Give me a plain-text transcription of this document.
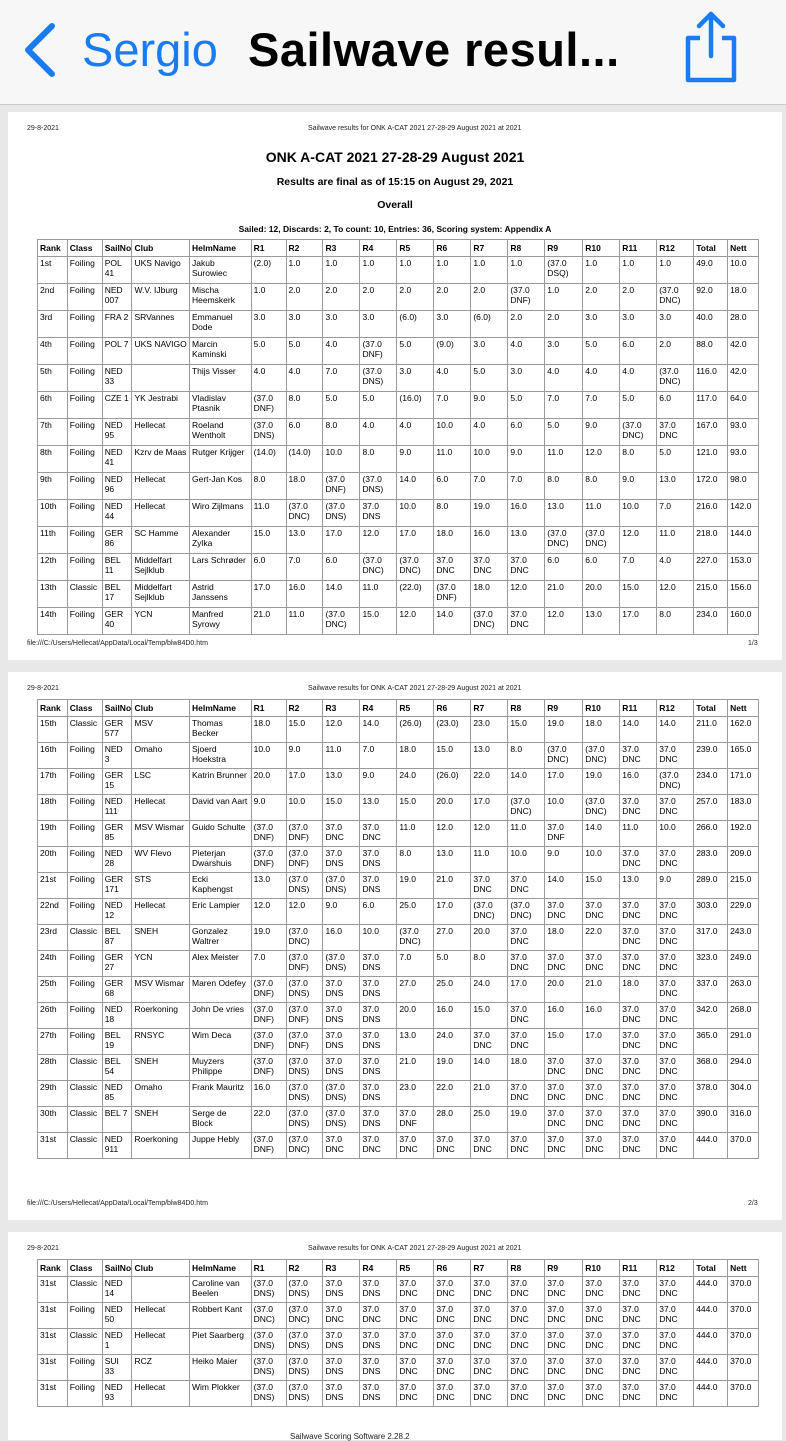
Sergio Sailwave resul...
29-8-2021	Sailwave results for ONK A-CAT 2021 27-28-29 August 2021 at 2021
ONK A-CAT 2021 27-28-29 August 2021
Results are final as of 15:15 on August 29, 2021
Overall
Sailed: 12, Discards: 2, To count: 10, Entries: 36, Scoring system: Appendix A
Rank	Class	SailNo	Club	HelmName	R1	R2	R3	R4	R5	R6	R7	R8	R9	R10	R11	R12	Total	Nett
1st	Foiling	POL 41	UKS Navigo	Jakub Surowiec	(2.0)	1.0	1.0	1.0	1.0	1.0	1.0	1.0	(37.0 DSQ)	1.0	1.0	1.0	49.0	10.0
2nd	Foiling	NED 007	W.V. IJburg	Mischa Heemskerk	1.0	2.0	2.0	2.0	2.0	2.0	2.0	(37.0 DNF)	1.0	2.0	2.0	(37.0 DNC)	92.0	18.0
3rd	Foiling	FRA 2	SRVannes	Emmanuel Dode	3.0	3.0	3.0	3.0	(6.0)	3.0	(6.0)	2.0	2.0	3.0	3.0	3.0	40.0	28.0
4th	Foiling	POL 7	UKS NAVIGO	Marcin Kaminski	5.0	5.0	4.0	(37.0 DNF)	5.0	(9.0)	3.0	4.0	3.0	5.0	6.0	2.0	88.0	42.0
5th	Foiling	NED 33		Thijs Visser	4.0	4.0	7.0	(37.0 DNS)	3.0	4.0	5.0	3.0	4.0	4.0	4.0	(37.0 DNC)	116.0	42.0
6th	Foiling	CZE 1	YK Jestrabi	Vladislav Ptasnik	(37.0 DNF)	8.0	5.0	5.0	(16.0)	7.0	9.0	5.0	7.0	7.0	5.0	6.0	117.0	64.0
7th	Foiling	NED 95	Hellecat	Roeland Wentholt	(37.0 DNS)	6.0	8.0	4.0	4.0	10.0	4.0	6.0	5.0	9.0	(37.0 DNC)	37.0 DNC	167.0	93.0
8th	Foiling	NED 41	Kzrv de Maas	Rutger Krijger	(14.0)	(14.0)	10.0	8.0	9.0	11.0	10.0	9.0	11.0	12.0	8.0	5.0	121.0	93.0
9th	Foiling	NED 96	Hellecat	Gert-Jan Kos	8.0	18.0	(37.0 DNF)	(37.0 DNS)	14.0	6.0	7.0	7.0	8.0	8.0	9.0	13.0	172.0	98.0
10th	Foiling	NED 44	Hellecat	Wiro Zijlmans	11.0	(37.0 DNC)	(37.0 DNS)	37.0 DNS	10.0	8.0	19.0	16.0	13.0	11.0	10.0	7.0	216.0	142.0
11th	Foiling	GER 86	SC Hamme	Alexander Zylka	15.0	13.0	17.0	12.0	17.0	18.0	16.0	13.0	(37.0 DNC)	(37.0 DNC)	12.0	11.0	218.0	144.0
12th	Foiling	BEL 11	Middelfart Sejlklub	Lars Schrøder	6.0	7.0	6.0	(37.0 DNC)	(37.0 DNC)	37.0 DNC	37.0 DNC	37.0 DNC	6.0	6.0	7.0	4.0	227.0	153.0
13th	Classic	BEL 17	Middelfart Sejlklub	Astrid Janssens	17.0	16.0	14.0	11.0	(22.0)	(37.0 DNF)	18.0	12.0	21.0	20.0	15.0	12.0	215.0	156.0
14th	Foiling	GER 40	YCN	Manfred Syrowy	21.0	11.0	(37.0 DNC)	15.0	12.0	14.0	(37.0 DNC)	37.0 DNC	12.0	13.0	17.0	8.0	234.0	160.0
file:///C:/Users/Hellecat/AppData/Local/Temp/blw84D0.htm	1/3
29-8-2021	Sailwave results for ONK A-CAT 2021 27-28-29 August 2021 at 2021
Rank	Class	SailNo	Club	HelmName	R1	R2	R3	R4	R5	R6	R7	R8	R9	R10	R11	R12	Total	Nett
15th	Classic	GER 577	MSV	Thomas Becker	18.0	15.0	12.0	14.0	(26.0)	(23.0)	23.0	15.0	19.0	18.0	14.0	14.0	211.0	162.0
16th	Foiling	NED 3	Omaho	Sjoerd Hoekstra	10.0	9.0	11.0	7.0	18.0	15.0	13.0	8.0	(37.0 DNC)	(37.0 DNC)	37.0 DNC	37.0 DNC	239.0	165.0
17th	Foiling	GER 15	LSC	Katrin Brunner	20.0	17.0	13.0	9.0	24.0	(26.0)	22.0	14.0	17.0	19.0	16.0	(37.0 DNC)	234.0	171.0
18th	Foiling	NED 111	Hellecat	David van Aart	9.0	10.0	15.0	13.0	15.0	20.0	17.0	(37.0 DNC)	10.0	(37.0 DNC)	37.0 DNC	37.0 DNC	257.0	183.0
19th	Foiling	GER 85	MSV Wismar	Guido Schulte	(37.0 DNF)	(37.0 DNF)	37.0 DNC	37.0 DNC	11.0	12.0	12.0	11.0	37.0 DNF	14.0	11.0	10.0	266.0	192.0
20th	Foiling	NED 28	WV Flevo	Pieterjan Dwarshuis	(37.0 DNF)	(37.0 DNF)	37.0 DNS	37.0 DNS	8.0	13.0	11.0	10.0	9.0	10.0	37.0 DNC	37.0 DNC	283.0	209.0
21st	Foiling	GER 171	STS	Ecki Kaphengst	13.0	(37.0 DNS)	(37.0 DNS)	37.0 DNS	19.0	21.0	37.0 DNC	37.0 DNC	14.0	15.0	13.0	9.0	289.0	215.0
22nd	Foiling	NED 12	Hellecat	Eric Lampier	12.0	12.0	9.0	6.0	25.0	17.0	(37.0 DNC)	(37.0 DNC)	37.0 DNC	37.0 DNC	37.0 DNC	37.0 DNC	303.0	229.0
23rd	Classic	BEL 87	SNEH	Gonzalez Waltrer	19.0	(37.0 DNC)	16.0	10.0	(37.0 DNC)	27.0	20.0	37.0 DNC	18.0	22.0	37.0 DNC	37.0 DNC	317.0	243.0
24th	Foiling	GER 27	YCN	Alex Meister	7.0	(37.0 DNF)	(37.0 DNS)	37.0 DNS	7.0	5.0	8.0	37.0 DNC	37.0 DNC	37.0 DNC	37.0 DNC	37.0 DNC	323.0	249.0
25th	Foiling	GER 68	MSV Wismar	Maren Odefey	(37.0 DNF)	(37.0 DNS)	37.0 DNS	37.0 DNS	27.0	25.0	24.0	17.0	20.0	21.0	18.0	37.0 DNC	337.0	263.0
26th	Foiling	NED 18	Roerkoning	John De vries	(37.0 DNF)	(37.0 DNF)	37.0 DNS	37.0 DNS	20.0	16.0	15.0	37.0 DNC	16.0	16.0	37.0 DNC	37.0 DNC	342.0	268.0
27th	Foiling	BEL 19	RNSYC	Wim Deca	(37.0 DNF)	(37.0 DNF)	37.0 DNS	37.0 DNS	13.0	24.0	37.0 DNC	37.0 DNC	15.0	17.0	37.0 DNC	37.0 DNC	365.0	291.0
28th	Classic	BEL 54	SNEH	Muyzers Philippe	(37.0 DNF)	(37.0 DNS)	37.0 DNS	37.0 DNS	21.0	19.0	14.0	18.0	37.0 DNC	37.0 DNC	37.0 DNC	37.0 DNC	368.0	294.0
29th	Classic	NED 85	Omaho	Frank Mauritz	16.0	(37.0 DNS)	(37.0 DNS)	37.0 DNS	23.0	22.0	21.0	37.0 DNC	37.0 DNC	37.0 DNC	37.0 DNC	37.0 DNC	378.0	304.0
30th	Classic	BEL 7	SNEH	Serge de Block	22.0	(37.0 DNS)	(37.0 DNS)	37.0 DNS	37.0 DNF	28.0	25.0	19.0	37.0 DNC	37.0 DNC	37.0 DNC	37.0 DNC	390.0	316.0
31st	Classic	NED 911	Roerkoning	Juppe Hebly	(37.0 DNF)	(37.0 DNC)	37.0 DNC	37.0 DNC	37.0 DNC	37.0 DNC	37.0 DNC	37.0 DNC	37.0 DNC	37.0 DNC	37.0 DNC	37.0 DNC	444.0	370.0
file:///C:/Users/Hellecat/AppData/Local/Temp/blw84D0.htm	2/3
29-8-2021	Sailwave results for ONK A-CAT 2021 27-28-29 August 2021 at 2021
Rank	Class	SailNo	Club	HelmName	R1	R2	R3	R4	R5	R6	R7	R8	R9	R10	R11	R12	Total	Nett
31st	Classic	NED 14		Caroline van Beelen	(37.0 DNS)	(37.0 DNS)	37.0 DNS	37.0 DNS	37.0 DNC	37.0 DNC	37.0 DNC	37.0 DNC	37.0 DNC	37.0 DNC	37.0 DNC	37.0 DNC	444.0	370.0
31st	Foiling	NED 50	Hellecat	Robbert Kant	(37.0 DNC)	(37.0 DNC)	37.0 DNC	37.0 DNC	37.0 DNC	37.0 DNC	37.0 DNC	37.0 DNC	37.0 DNC	37.0 DNC	37.0 DNC	37.0 DNC	444.0	370.0
31st	Classic	NED 1	Hellecat	Piet Saarberg	(37.0 DNS)	(37.0 DNS)	37.0 DNS	37.0 DNS	37.0 DNC	37.0 DNC	37.0 DNC	37.0 DNC	37.0 DNC	37.0 DNC	37.0 DNC	37.0 DNC	444.0	370.0
31st	Foiling	SUI 33	RCZ	Heiko Maier	(37.0 DNS)	(37.0 DNS)	37.0 DNS	37.0 DNS	37.0 DNC	37.0 DNC	37.0 DNC	37.0 DNC	37.0 DNC	37.0 DNC	37.0 DNC	37.0 DNC	444.0	370.0
31st	Foiling	NED 93	Hellecat	Wim Plokker	(37.0 DNS)	(37.0 DNS)	37.0 DNS	37.0 DNS	37.0 DNC	37.0 DNC	37.0 DNC	37.0 DNC	37.0 DNC	37.0 DNC	37.0 DNC	37.0 DNC	444.0	370.0
Sailwave Scoring Software 2.28.2
